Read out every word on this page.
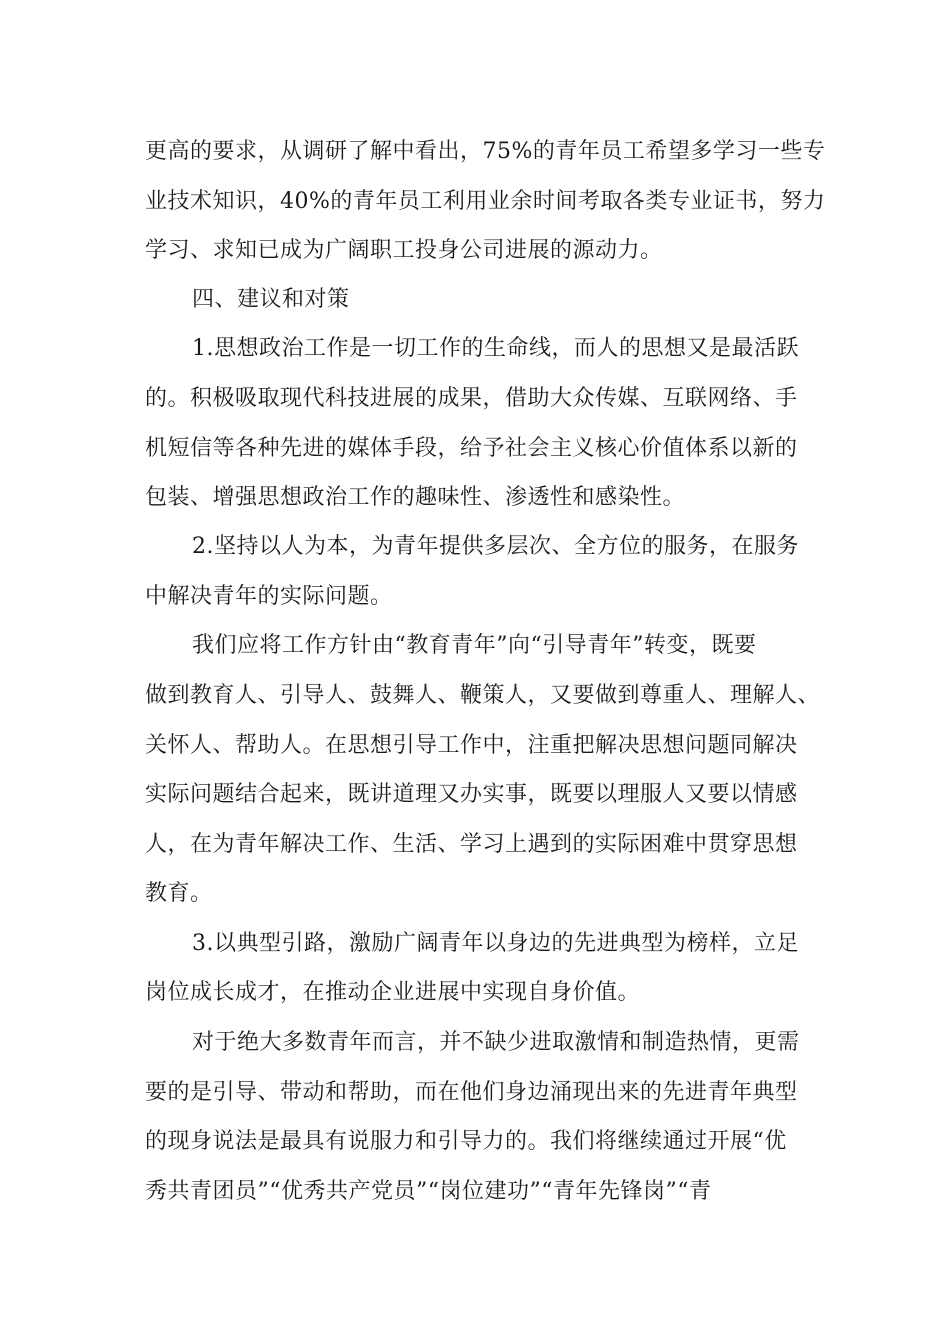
更高的要求，从调研了解中看出，75%的青年员工希望多学习一些专
业技术知识，40%的青年员工利用业余时间考取各类专业证书，努力
学习、求知已成为广阔职工投身公司进展的源动力。
四、建议和对策
1.思想政治工作是一切工作的生命线，而人的思想又是最活跃
的。积极吸取现代科技进展的成果，借助大众传媒、互联网络、手
机短信等各种先进的媒体手段，给予社会主义核心价值体系以新的
包装、增强思想政治工作的趣味性、渗透性和感染性。
2.坚持以人为本，为青年提供多层次、全方位的服务，在服务
中解决青年的实际问题。
我们应将工作方针由“教育青年”向“引导青年”转变，既要
做到教育人、引导人、鼓舞人、鞭策人，又要做到尊重人、理解人、
关怀人、帮助人。在思想引导工作中，注重把解决思想问题同解决
实际问题结合起来，既讲道理又办实事，既要以理服人又要以情感
人，在为青年解决工作、生活、学习上遇到的实际困难中贯穿思想
教育。
3.以典型引路，激励广阔青年以身边的先进典型为榜样，立足
岗位成长成才，在推动企业进展中实现自身价值。
对于绝大多数青年而言，并不缺少进取激情和制造热情，更需
要的是引导、带动和帮助，而在他们身边涌现出来的先进青年典型
的现身说法是最具有说服力和引导力的。我们将继续通过开展“优
秀共青团员”“优秀共产党员”“岗位建功”“青年先锋岗”“青
